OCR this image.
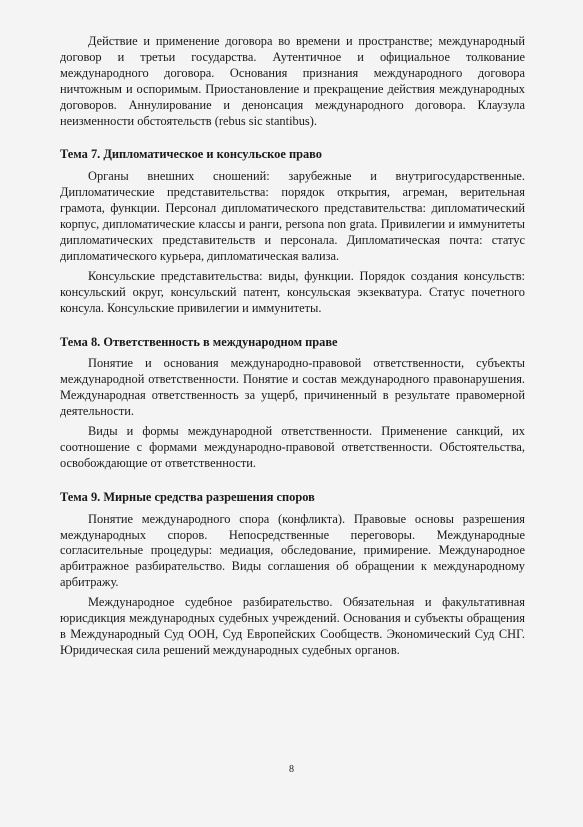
Действие и применение договора во времени и пространстве; международный договор и третьи государства. Аутентичное и официальное толкование международного договора. Основания признания международного договора ничтожным и оспоримым. Приостановление и прекращение действия международных договоров. Аннулирование и денонсация международного договора. Клаузула неизменности обстоятельств (rebus sic stantibus).

Тема 7. Дипломатическое и консульское право

Органы внешних сношений: зарубежные и внутригосударственные. Дипломатические представительства: порядок открытия, агреман, верительная грамота, функции. Персонал дипломатического представительства: дипломатический корпус, дипломатические классы и ранги, persona non grata. Привилегии и иммунитеты дипломатических представительств и персонала. Дипломатическая почта: статус дипломатического курьера, дипломатическая вализа.

Консульские представительства: виды, функции. Порядок создания консульств: консульский округ, консульский патент, консульская экзекватура. Статус почетного консула. Консульские привилегии и иммунитеты.

Тема 8. Ответственность в международном праве

Понятие и основания международно-правовой ответственности, субъекты международной ответственности. Понятие и состав международного правонарушения. Международная ответственность за ущерб, причиненный в результате правомерной деятельности.

Виды и формы международной ответственности. Применение санкций, их соотношение с формами международно-правовой ответственности. Обстоятельства, освобождающие от ответственности.

Тема 9. Мирные средства разрешения споров

Понятие международного спора (конфликта). Правовые основы разрешения международных споров. Непосредственные переговоры. Международные согласительные процедуры: медиация, обследование, примирение. Международное арбитражное разбирательство. Виды соглашения об обращении к международному арбитражу.

Международное судебное разбирательство. Обязательная и факультативная юрисдикция международных судебных учреждений. Основания и субъекты обращения в Международный Суд ООН, Суд Европейских Сообществ. Экономический Суд СНГ. Юридическая сила решений международных судебных органов.

8
